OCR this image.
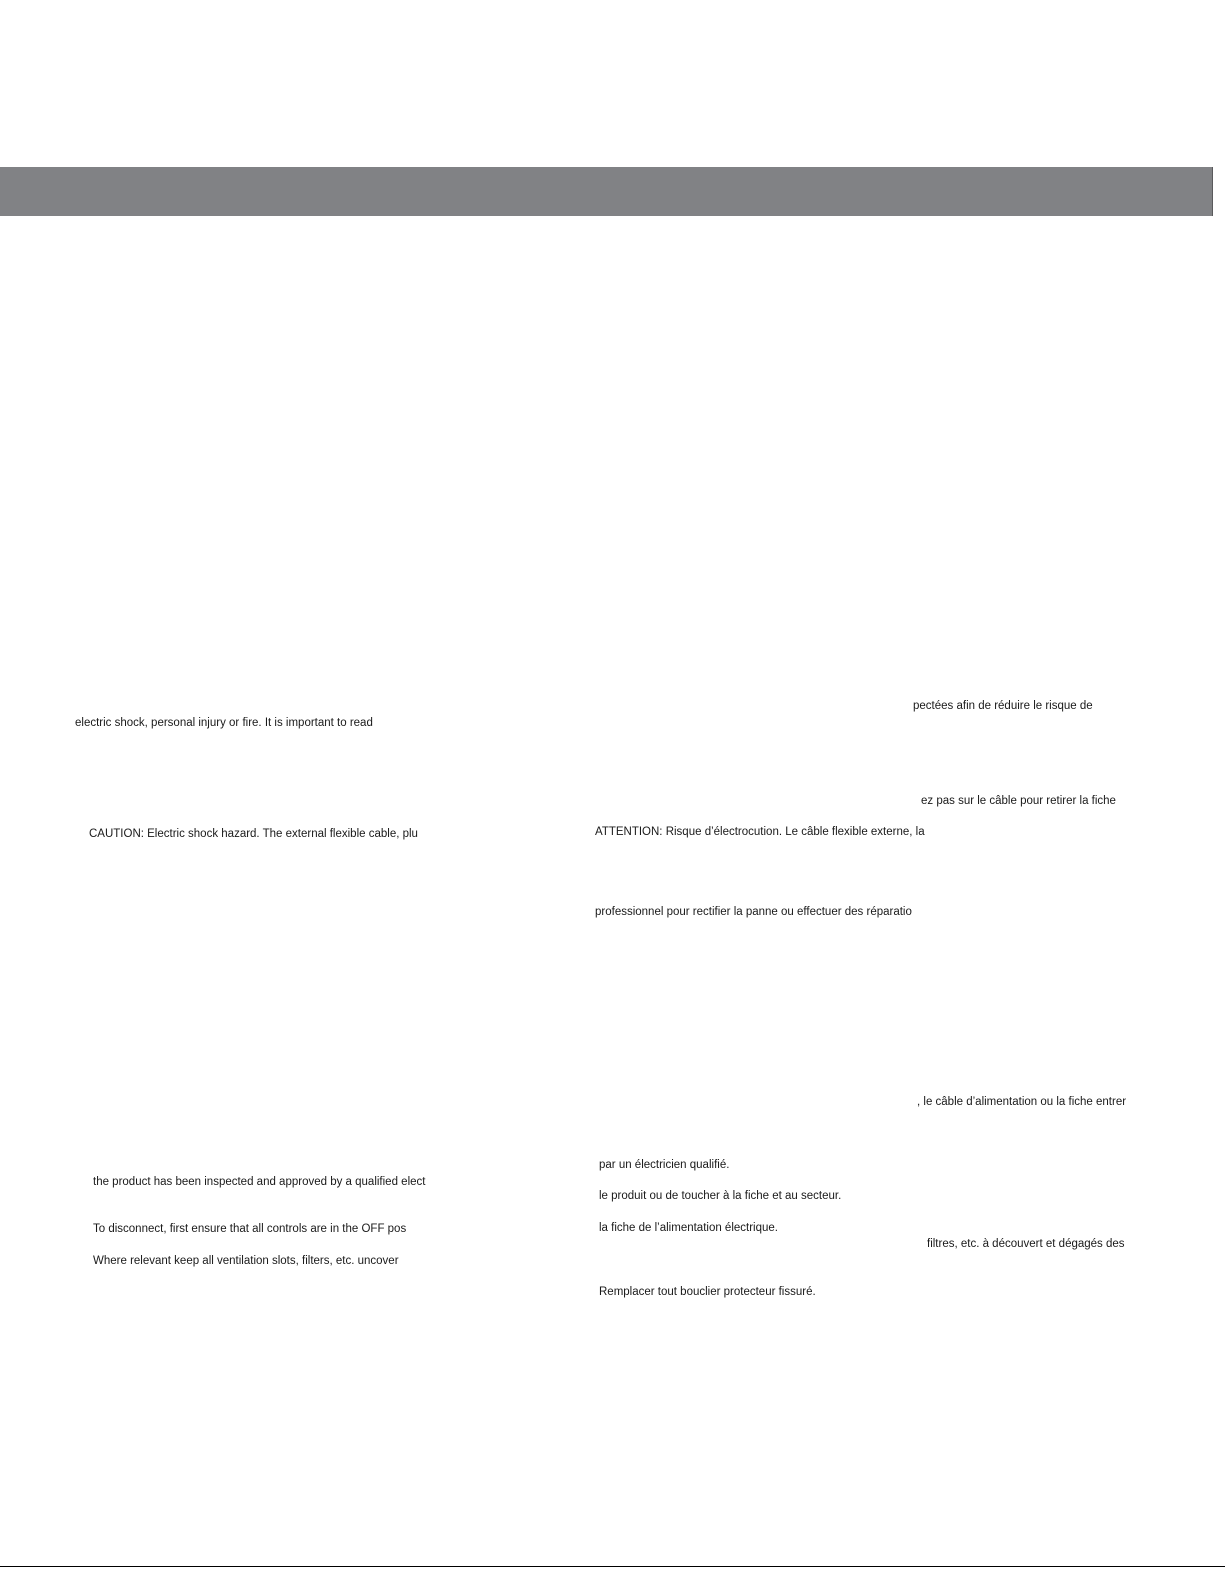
electric shock, personal injury or fire. It is important to read
CAUTION: Electric shock hazard. The external flexible cable, plu
the product has been inspected and approved by a qualified elect
To disconnect, first ensure that all controls are in the OFF pos
Where relevant keep all ventilation slots, filters, etc. uncover
pectées afin de réduire le risque de
ez pas sur le câble pour retirer la fiche
ATTENTION: Risque d’électrocution. Le câble flexible externe, la
professionnel pour rectifier la panne ou effectuer des réparatio
, le câble d’alimentation ou la fiche entrer
par un électricien qualifié.
le produit ou de toucher à la fiche et au secteur.
la fiche de l’alimentation électrique.
filtres, etc. à découvert et dégagés des
Remplacer tout bouclier protecteur fissuré.
